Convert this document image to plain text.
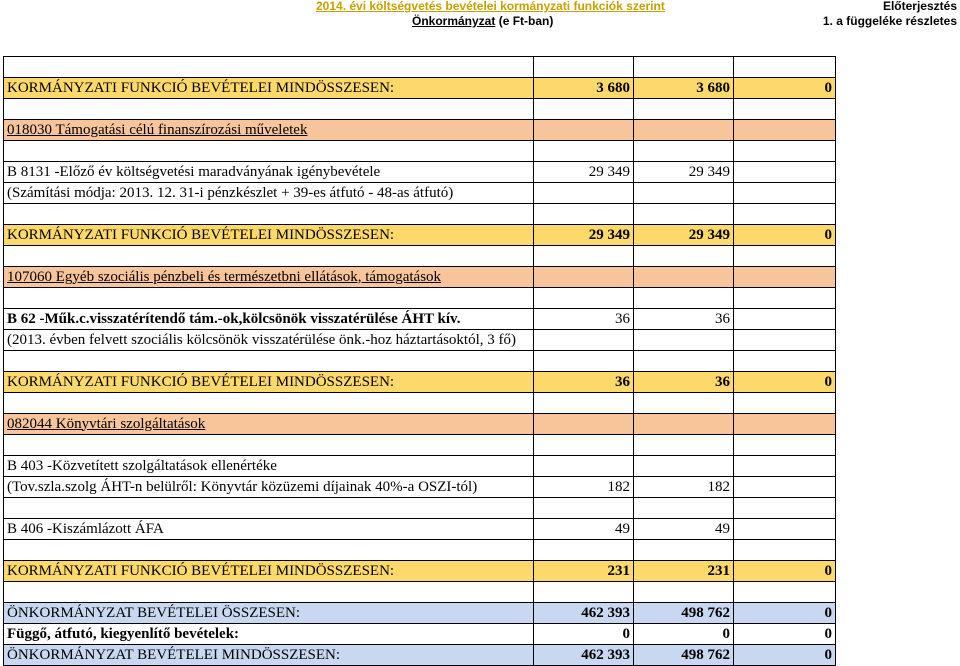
2014. évi költségvetés bevételei kormányzati funkciók szerint
Önkormányzat (e Ft-ban)
Előterjesztés
1. a függeléke részletes

KORMÁNYZATI FUNKCIÓ BEVÉTELEI MINDÖSSZESEN:	3 680	3 680	0

018030 Támogatási célú finanszírozási műveletek			

B 8131 -Előző év költségvetési maradványának igénybevétele	29 349	29 349	
(Számítási módja: 2013. 12. 31-i pénzkészlet + 39-es átfutó - 48-as átfutó)			

KORMÁNYZATI FUNKCIÓ BEVÉTELEI MINDÖSSZESEN:	29 349	29 349	0

107060 Egyéb szociális pénzbeli és természetbni ellátások, támogatások			

B 62 -Műk.c.visszatérítendő tám.-ok,kölcsönök visszatérülése ÁHT kív.	36	36	
(2013. évben felvett szociális kölcsönök visszatérülése önk.-hoz háztartásoktól, 3 fő)			

KORMÁNYZATI FUNKCIÓ BEVÉTELEI MINDÖSSZESEN:	36	36	0

082044 Könyvtári szolgáltatások			

B 403 -Közvetített szolgáltatások ellenértéke			
(Tov.szla.szolg ÁHT-n belülről: Könyvtár közüzemi díjainak 40%-a OSZI-tól)	182	182	

B 406 -Kiszámlázott ÁFA	49	49	

KORMÁNYZATI FUNKCIÓ BEVÉTELEI MINDÖSSZESEN:	231	231	0

ÖNKORMÁNYZAT BEVÉTELEI ÖSSZESEN:	462 393	498 762	0
Függő, átfutó, kiegyenlítő bevételek:	0	0	0
ÖNKORMÁNYZAT BEVÉTELEI MINDÖSSZESEN:	462 393	498 762	0
